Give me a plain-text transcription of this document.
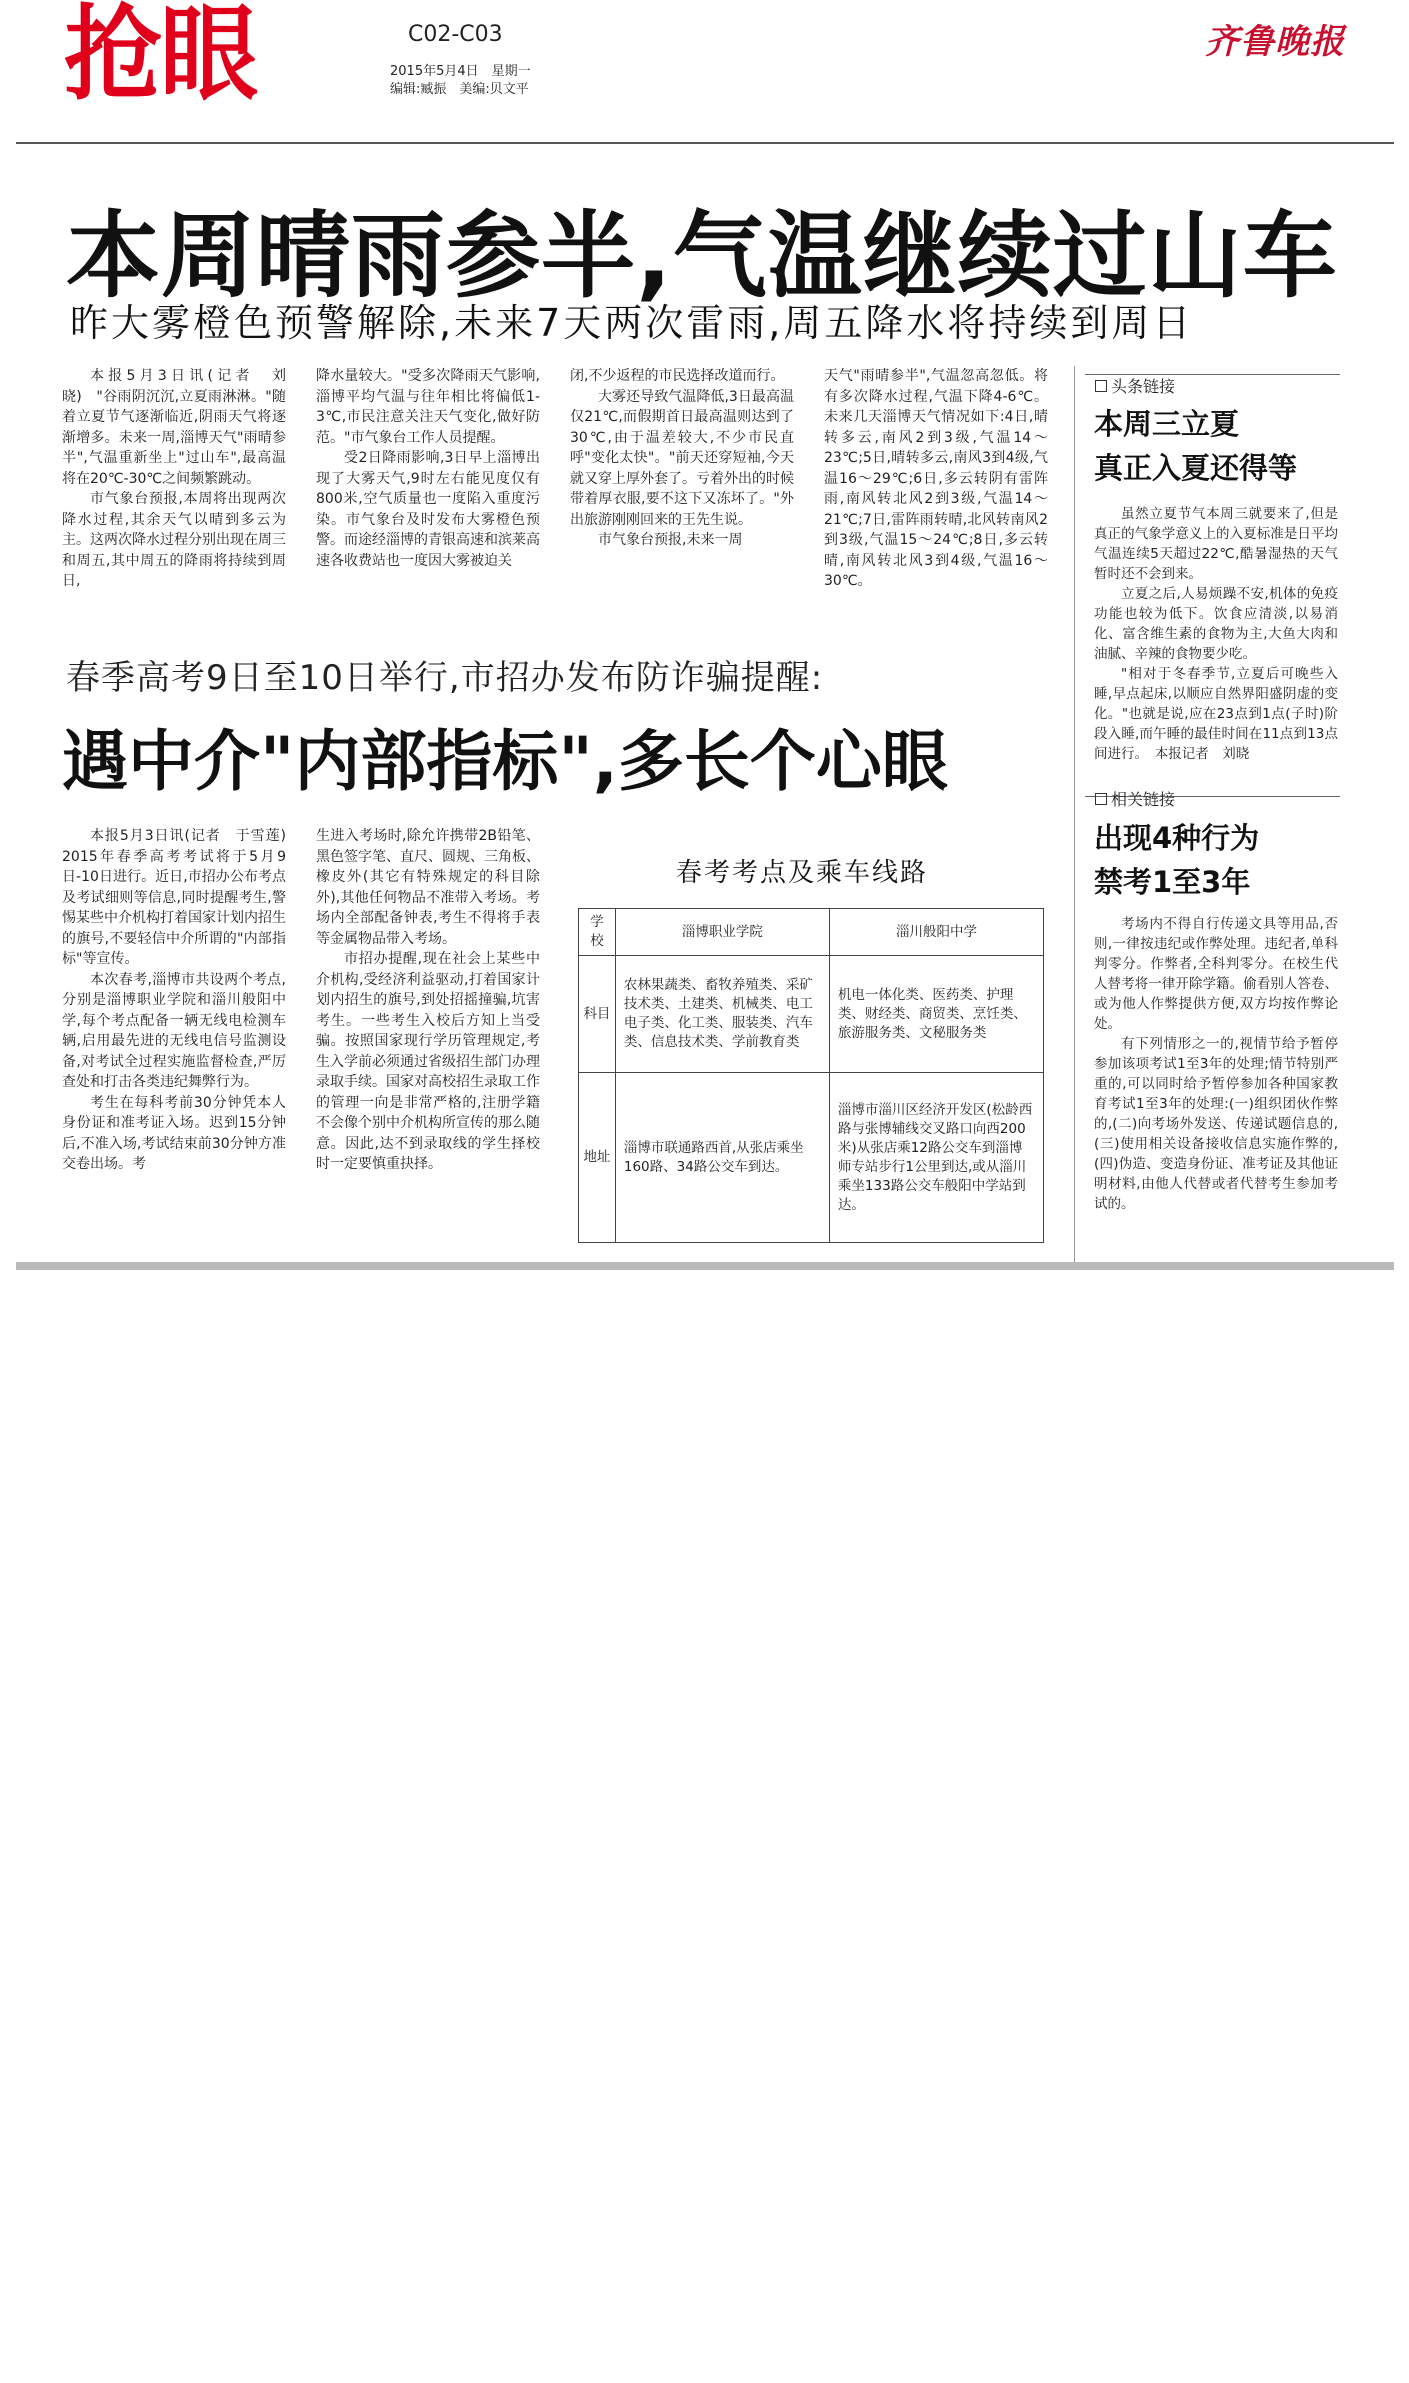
抢眼	C02-C03
2015年5月4日　星期一
编辑:臧振　美编:贝文平
齐鲁晚报
本周晴雨参半,气温继续过山车
昨大雾橙色预警解除,未来7天两次雷雨,周五降水将持续到周日

本报5月3日讯(记者　刘晓)　"谷雨阴沉沉,立夏雨淋淋。"随着立夏节气逐渐临近,阴雨天气将逐渐增多。未来一周,淄博天气"雨晴参半",气温重新坐上"过山车",最高温将在20℃-30℃之间频繁跳动。

市气象台预报,本周将出现两次降水过程,其余天气以晴到多云为主。这两次降水过程分别出现在周三和周五,其中周五的降雨将持续到周日,

降水量较大。"受多次降雨天气影响,淄博平均气温与往年相比将偏低1-3℃,市民注意关注天气变化,做好防范。"市气象台工作人员提醒。

受2日降雨影响,3日早上淄博出现了大雾天气,9时左右能见度仅有800米,空气质量也一度陷入重度污染。市气象台及时发布大雾橙色预警。而途经淄博的青银高速和滨莱高速各收费站也一度因大雾被迫关

闭,不少返程的市民选择改道而行。

大雾还导致气温降低,3日最高温仅21℃,而假期首日最高温则达到了30℃,由于温差较大,不少市民直呼"变化太快"。"前天还穿短袖,今天就又穿上厚外套了。亏着外出的时候带着厚衣服,要不这下又冻坏了。"外出旅游刚刚回来的王先生说。

市气象台预报,未来一周

天气"雨晴参半",气温忽高忽低。将有多次降水过程,气温下降4-6℃。未来几天淄博天气情况如下:4日,晴转多云,南风2到3级,气温14～23℃;5日,晴转多云,南风3到4级,气温16～29℃;6日,多云转阴有雷阵雨,南风转北风2到3级,气温14～21℃;7日,雷阵雨转晴,北风转南风2到3级,气温15～24℃;8日,多云转晴,南风转北风3到4级,气温16～30℃。

头条链接
本周三立夏
真正入夏还得等

虽然立夏节气本周三就要来了,但是真正的气象学意义上的入夏标准是日平均气温连续5天超过22℃,酷暑湿热的天气暂时还不会到来。

立夏之后,人易烦躁不安,机体的免疫功能也较为低下。饮食应清淡,以易消化、富含维生素的食物为主,大鱼大肉和油腻、辛辣的食物要少吃。

"相对于冬春季节,立夏后可晚些入睡,早点起床,以顺应自然界阳盛阴虚的变化。"也就是说,应在23点到1点(子时)阶段入睡,而午睡的最佳时间在11点到13点间进行。　本报记者　刘晓

春季高考9日至10日举行,市招办发布防诈骗提醒:
遇中介"内部指标",多长个心眼

本报5月3日讯(记者　于雪莲)　2015年春季高考考试将于5月9日-10日进行。近日,市招办公布考点及考试细则等信息,同时提醒考生,警惕某些中介机构打着国家计划内招生的旗号,不要轻信中介所谓的"内部指标"等宣传。

本次春考,淄博市共设两个考点,分别是淄博职业学院和淄川般阳中学,每个考点配备一辆无线电检测车辆,启用最先进的无线电信号监测设备,对考试全过程实施监督检查,严厉查处和打击各类违纪舞弊行为。

考生在每科考前30分钟凭本人身份证和准考证入场。迟到15分钟后,不准入场,考试结束前30分钟方准交卷出场。考

生进入考场时,除允许携带2B铅笔、黑色签字笔、直尺、圆规、三角板、橡皮外(其它有特殊规定的科目除外),其他任何物品不准带入考场。考场内全部配备钟表,考生不得将手表等金属物品带入考场。

市招办提醒,现在社会上某些中介机构,受经济利益驱动,打着国家计划内招生的旗号,到处招摇撞骗,坑害考生。一些考生入校后方知上当受骗。按照国家现行学历管理规定,考生入学前必须通过省级招生部门办理录取手续。国家对高校招生录取工作的管理一向是非常严格的,注册学籍不会像个别中介机构所宣传的那么随意。因此,达不到录取线的学生择校时一定要慎重抉择。

春考考点及乘车线路
学校	淄博职业学院	淄川般阳中学
科目	农林果蔬类、畜牧养殖类、采矿技术类、土建类、机械类、电工电子类、化工类、服装类、汽车类、信息技术类、学前教育类	机电一体化类、医药类、护理类、财经类、商贸类、烹饪类、旅游服务类、文秘服务类
地址	淄博市联通路西首,从张店乘坐160路、34路公交车到达。	淄博市淄川区经济开发区(松龄西路与张博辅线交叉路口向西200米)从张店乘12路公交车到淄博师专站步行1公里到达,或从淄川乘坐133路公交车般阳中学站到达。
相关链接
出现4种行为
禁考1至3年

考场内不得自行传递文具等用品,否则,一律按违纪或作弊处理。违纪者,单科判零分。作弊者,全科判零分。在校生代人替考将一律开除学籍。偷看别人答卷、或为他人作弊提供方便,双方均按作弊论处。

有下列情形之一的,视情节给予暂停参加该项考试1至3年的处理;情节特别严重的,可以同时给予暂停参加各种国家教育考试1至3年的处理:(一)组织团伙作弊的,(二)向考场外发送、传递试题信息的,(三)使用相关设备接收信息实施作弊的,(四)伪造、变造身份证、准考证及其他证明材料,由他人代替或者代替考生参加考试的。
